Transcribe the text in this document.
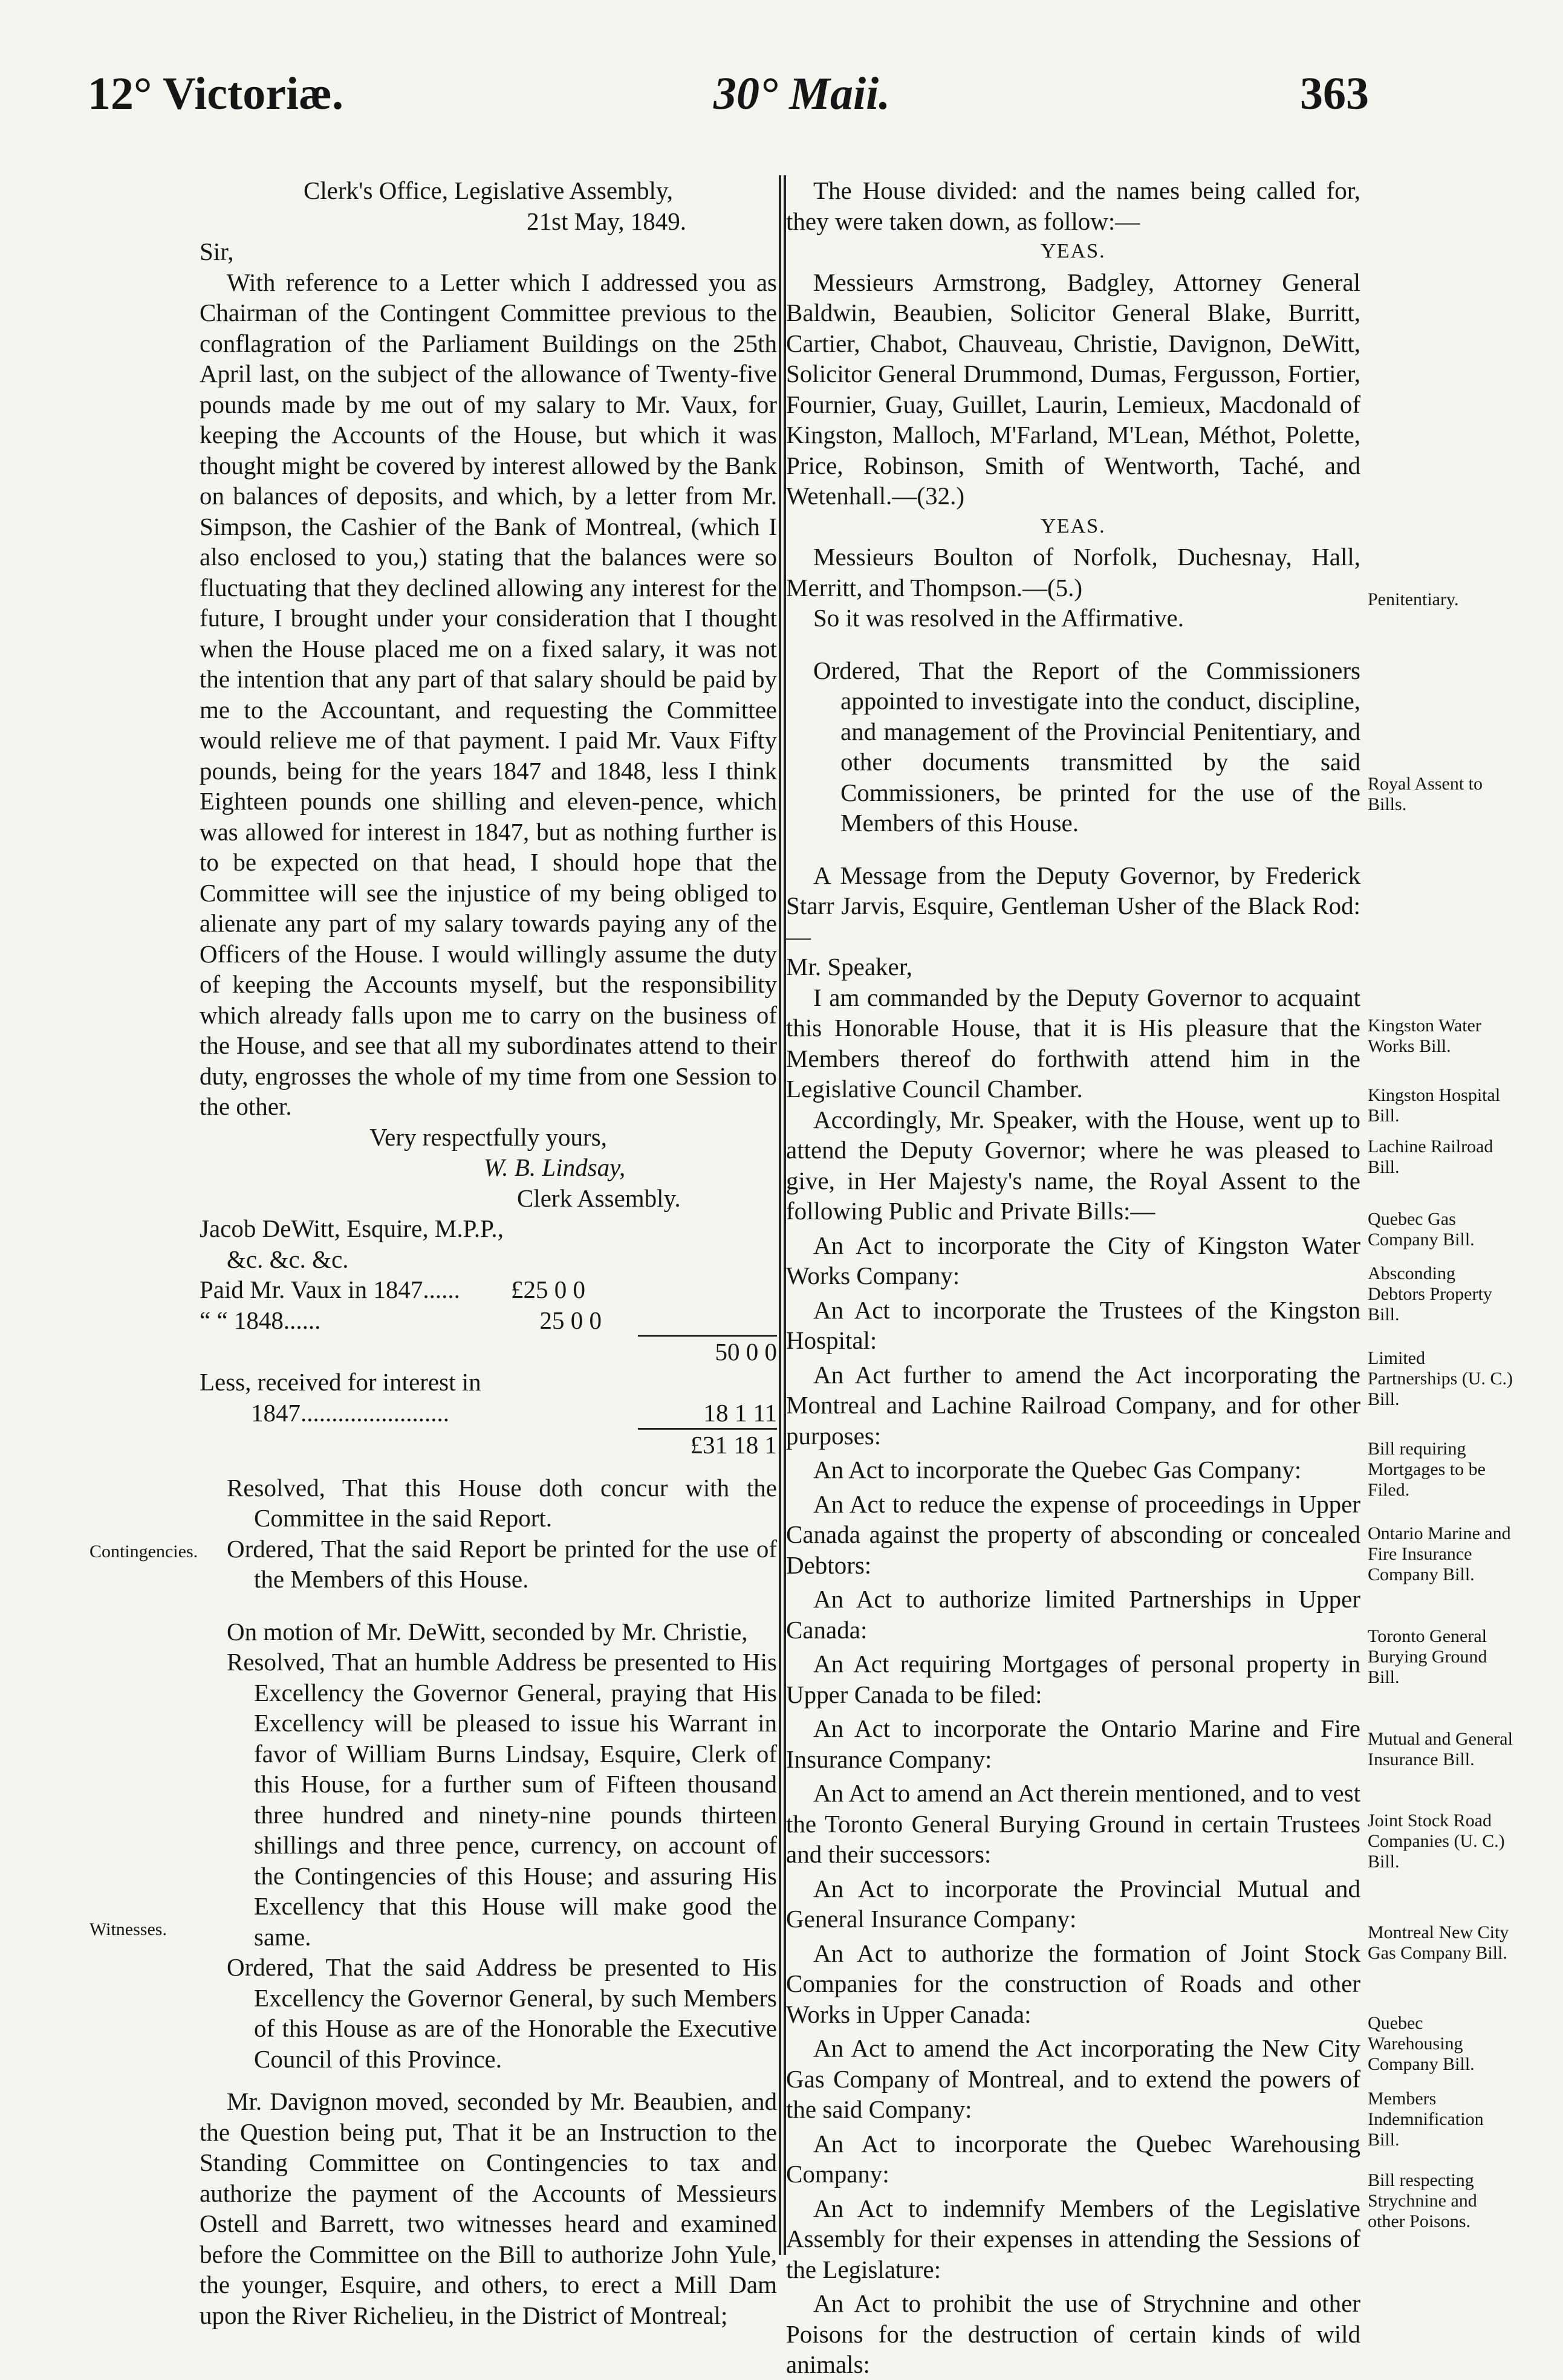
12° Victoriæ.	30° Maii.	363

Clerk's Office, Legislative Assembly,

21st May, 1849.

Sir,

With reference to a Letter which I addressed you as Chairman of the Contingent Committee previous to the conflagration of the Parliament Buildings on the 25th April last, on the subject of the allowance of Twenty-five pounds made by me out of my salary to Mr. Vaux, for keeping the Accounts of the House, but which it was thought might be covered by interest allowed by the Bank on balances of deposits, and which, by a letter from Mr. Simpson, the Cashier of the Bank of Montreal, (which I also enclosed to you,) stating that the balances were so fluctuating that they declined allowing any interest for the future, I brought under your consideration that I thought when the House placed me on a fixed salary, it was not the intention that any part of that salary should be paid by me to the Accountant, and requesting the Committee would relieve me of that payment. I paid Mr. Vaux Fifty pounds, being for the years 1847 and 1848, less I think Eighteen pounds one shilling and eleven-pence, which was allowed for interest in 1847, but as nothing further is to be expected on that head, I should hope that the Committee will see the injustice of my being obliged to alienate any part of my salary towards paying any of the Officers of the House. I would willingly assume the duty of keeping the Accounts myself, but the responsibility which already falls upon me to carry on the business of the House, and see that all my subordinates attend to their duty, engrosses the whole of my time from one Session to the other.

Very respectfully yours,

W. B. Lindsay,

Clerk Assembly.

Jacob DeWitt, Esquire, M.P.P.,

&c. &c. &c.

Paid Mr. Vaux in 1847......	£25 0 0	
“ “ 1848......	25 0 0	
		50 0 0
Less, received for interest in		
1847........................		18 1 11
		£31 18 1

Resolved, That this House doth concur with the Committee in the said Report.

Ordered, That the said Report be printed for the use of the Members of this House.

On motion of Mr. DeWitt, seconded by Mr. Christie,

Resolved, That an humble Address be presented to His Excellency the Governor General, praying that His Excellency will be pleased to issue his Warrant in favor of William Burns Lindsay, Esquire, Clerk of this House, for a further sum of Fifteen thousand three hundred and ninety-nine pounds thirteen shillings and three pence, currency, on account of the Contingencies of this House; and assuring His Excellency that this House will make good the same.

Ordered, That the said Address be presented to His Excellency the Governor General, by such Members of this House as are of the Honorable the Executive Council of this Province.

Mr. Davignon moved, seconded by Mr. Beaubien, and the Question being put, That it be an Instruction to the Standing Committee on Contingencies to tax and authorize the payment of the Accounts of Messieurs Ostell and Barrett, two witnesses heard and examined before the Committee on the Bill to authorize John Yule, the younger, Esquire, and others, to erect a Mill Dam upon the River Richelieu, in the District of Montreal;

Contingencies.
Witnesses.

The House divided: and the names being called for, they were taken down, as follow:—

YEAS.

Messieurs Armstrong, Badgley, Attorney General Baldwin, Beaubien, Solicitor General Blake, Burritt, Cartier, Chabot, Chauveau, Christie, Davignon, DeWitt, Solicitor General Drummond, Dumas, Fergusson, Fortier, Fournier, Guay, Guillet, Laurin, Lemieux, Macdonald of Kingston, Malloch, M'Farland, M'Lean, Méthot, Polette, Price, Robinson, Smith of Wentworth, Taché, and Wetenhall.—(32.)

YEAS.

Messieurs Boulton of Norfolk, Duchesnay, Hall, Merritt, and Thompson.—(5.)

So it was resolved in the Affirmative.

Ordered, That the Report of the Commissioners appointed to investigate into the conduct, discipline, and management of the Provincial Penitentiary, and other documents transmitted by the said Commissioners, be printed for the use of the Members of this House.

A Message from the Deputy Governor, by Frederick Starr Jarvis, Esquire, Gentleman Usher of the Black Rod:—

Mr. Speaker,

I am commanded by the Deputy Governor to acquaint this Honorable House, that it is His pleasure that the Members thereof do forthwith attend him in the Legislative Council Chamber.

Accordingly, Mr. Speaker, with the House, went up to attend the Deputy Governor; where he was pleased to give, in Her Majesty's name, the Royal Assent to the following Public and Private Bills:—

An Act to incorporate the City of Kingston Water Works Company:

An Act to incorporate the Trustees of the Kingston Hospital:

An Act further to amend the Act incorporating the Montreal and Lachine Railroad Company, and for other purposes:

An Act to incorporate the Quebec Gas Company:

An Act to reduce the expense of proceedings in Upper Canada against the property of absconding or concealed Debtors:

An Act to authorize limited Partnerships in Upper Canada:

An Act requiring Mortgages of personal property in Upper Canada to be filed:

An Act to incorporate the Ontario Marine and Fire Insurance Company:

An Act to amend an Act therein mentioned, and to vest the Toronto General Burying Ground in certain Trustees and their successors:

An Act to incorporate the Provincial Mutual and General Insurance Company:

An Act to authorize the formation of Joint Stock Companies for the construction of Roads and other Works in Upper Canada:

An Act to amend the Act incorporating the New City Gas Company of Montreal, and to extend the powers of the said Company:

An Act to incorporate the Quebec Warehousing Company:

An Act to indemnify Members of the Legislative Assembly for their expenses in attending the Sessions of the Legislature:

An Act to prohibit the use of Strychnine and other Poisons for the destruction of certain kinds of wild animals:

Penitentiary.
Royal Assent to Bills.
Kingston Water Works Bill.
Kingston Hospital Bill.
Lachine Railroad Bill.
Quebec Gas Company Bill.
Absconding Debtors Property Bill.
Limited Partnerships (U. C.) Bill.
Bill requiring Mortgages to be Filed.
Ontario Marine and Fire Insurance Company Bill.
Toronto General Burying Ground Bill.
Mutual and General Insurance Bill.
Joint Stock Road Companies (U. C.) Bill.
Montreal New City Gas Company Bill.
Quebec Warehousing Company Bill.
Members Indemnification Bill.
Bill respecting Strychnine and other Poisons.
